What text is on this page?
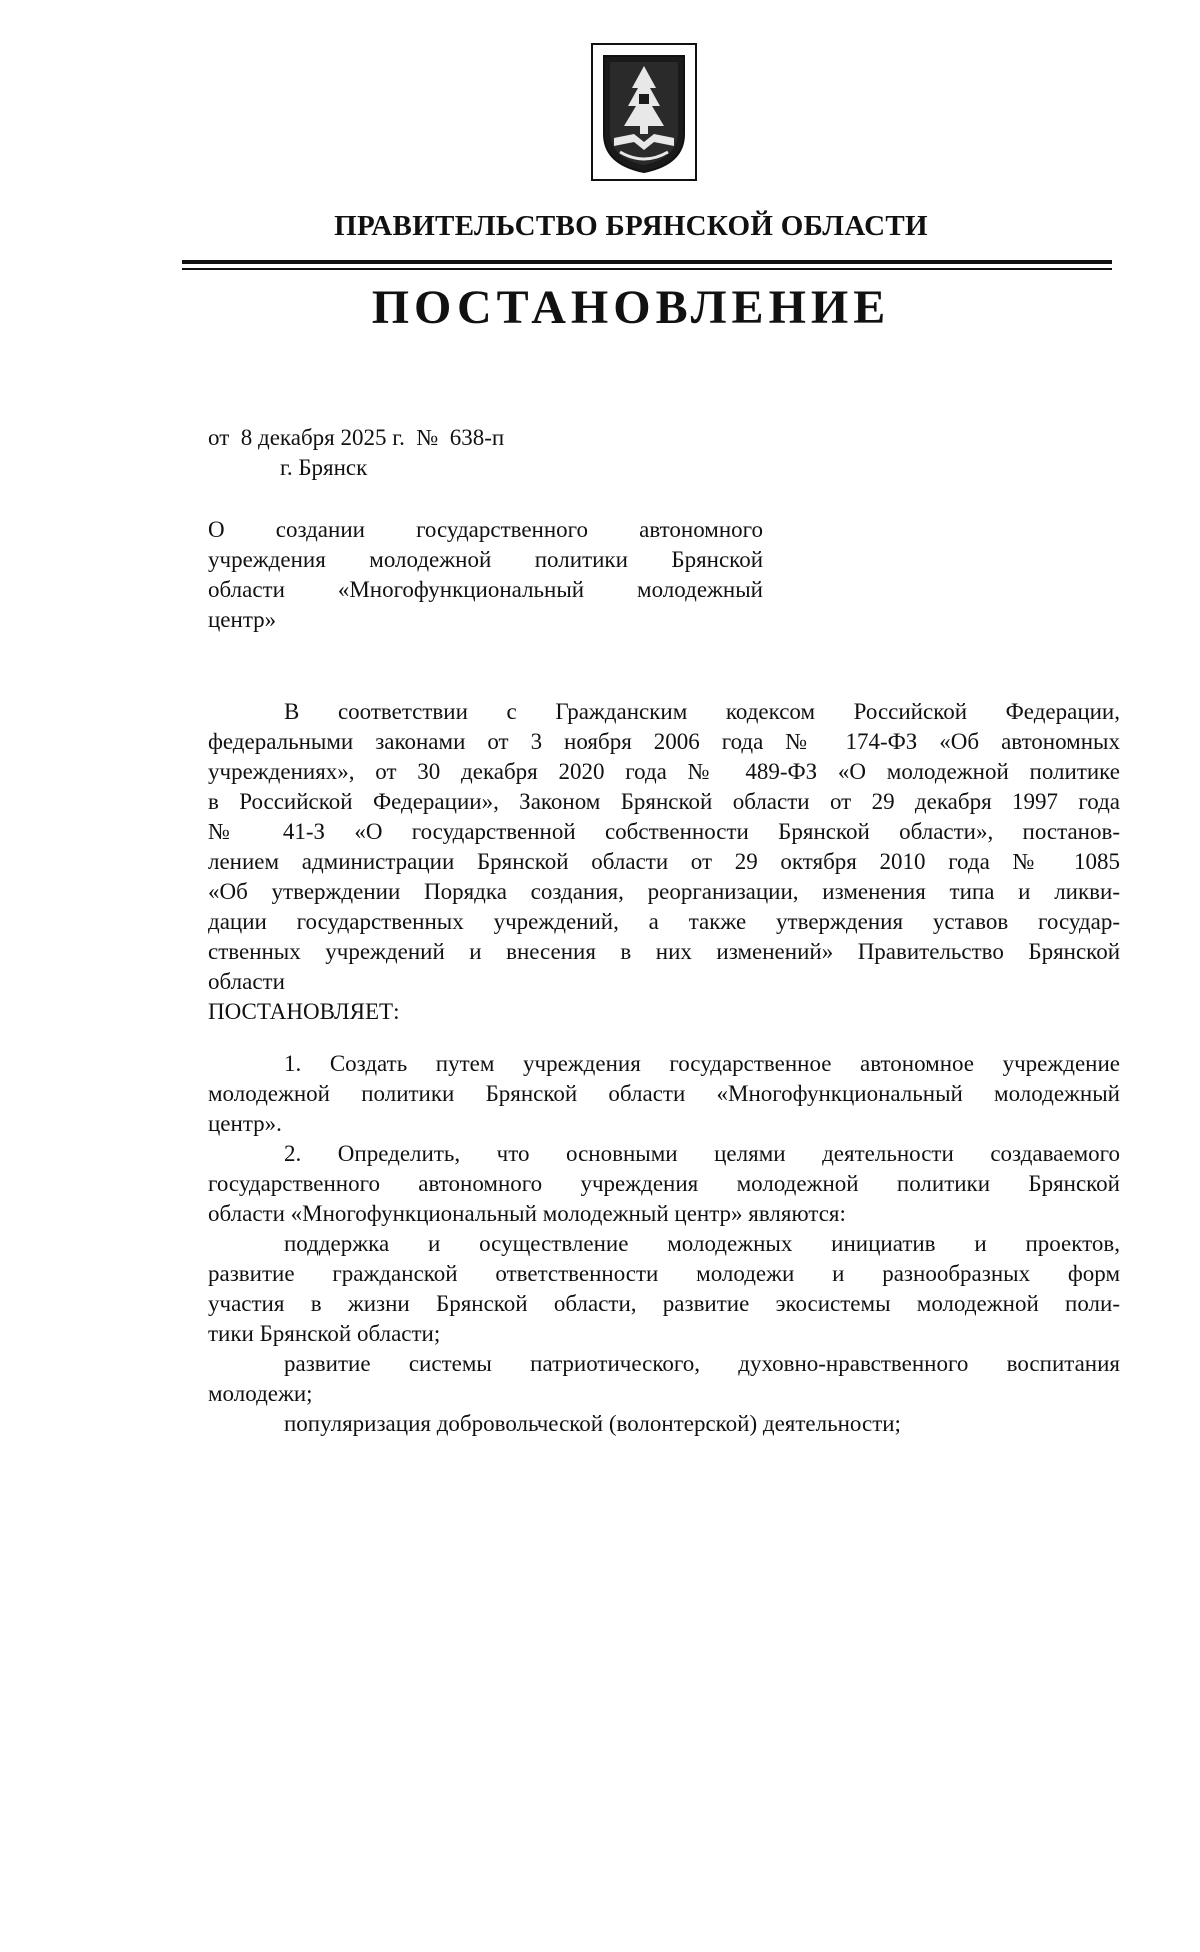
ПРАВИТЕЛЬСТВО БРЯНСКОЙ ОБЛАСТИ
ПОСТАНОВЛЕНИЕ
от  8 декабря 2025 г.  №  638-п
г. Брянск
О создании государственного автономного
учреждения молодежной политики Брянской
области «Многофункциональный молодежный
центр»
В соответствии с Гражданским кодексом Российской Федерации,
федеральными законами от 3 ноября 2006 года № 174-ФЗ «Об автономных
учреждениях», от 30 декабря 2020 года № 489-ФЗ «О молодежной политике
в Российской Федерации», Законом Брянской области от 29 декабря 1997 года
№ 41-З «О государственной собственности Брянской области», постанов-
лением администрации Брянской области от 29 октября 2010 года № 1085
«Об утверждении Порядка создания, реорганизации, изменения типа и ликви-
дации государственных учреждений, а также утверждения уставов государ-
ственных учреждений и внесения в них изменений» Правительство Брянской
области
ПОСТАНОВЛЯЕТ:
1. Создать путем учреждения государственное автономное учреждение
молодежной политики Брянской области «Многофункциональный молодежный
центр».
2. Определить, что основными целями деятельности создаваемого
государственного автономного учреждения молодежной политики Брянской
области «Многофункциональный молодежный центр» являются:
поддержка и осуществление молодежных инициатив и проектов,
развитие гражданской ответственности молодежи и разнообразных форм
участия в жизни Брянской области, развитие экосистемы молодежной поли-
тики Брянской области;
развитие системы патриотического, духовно-нравственного воспитания
молодежи;
популяризация добровольческой (волонтерской) деятельности;
